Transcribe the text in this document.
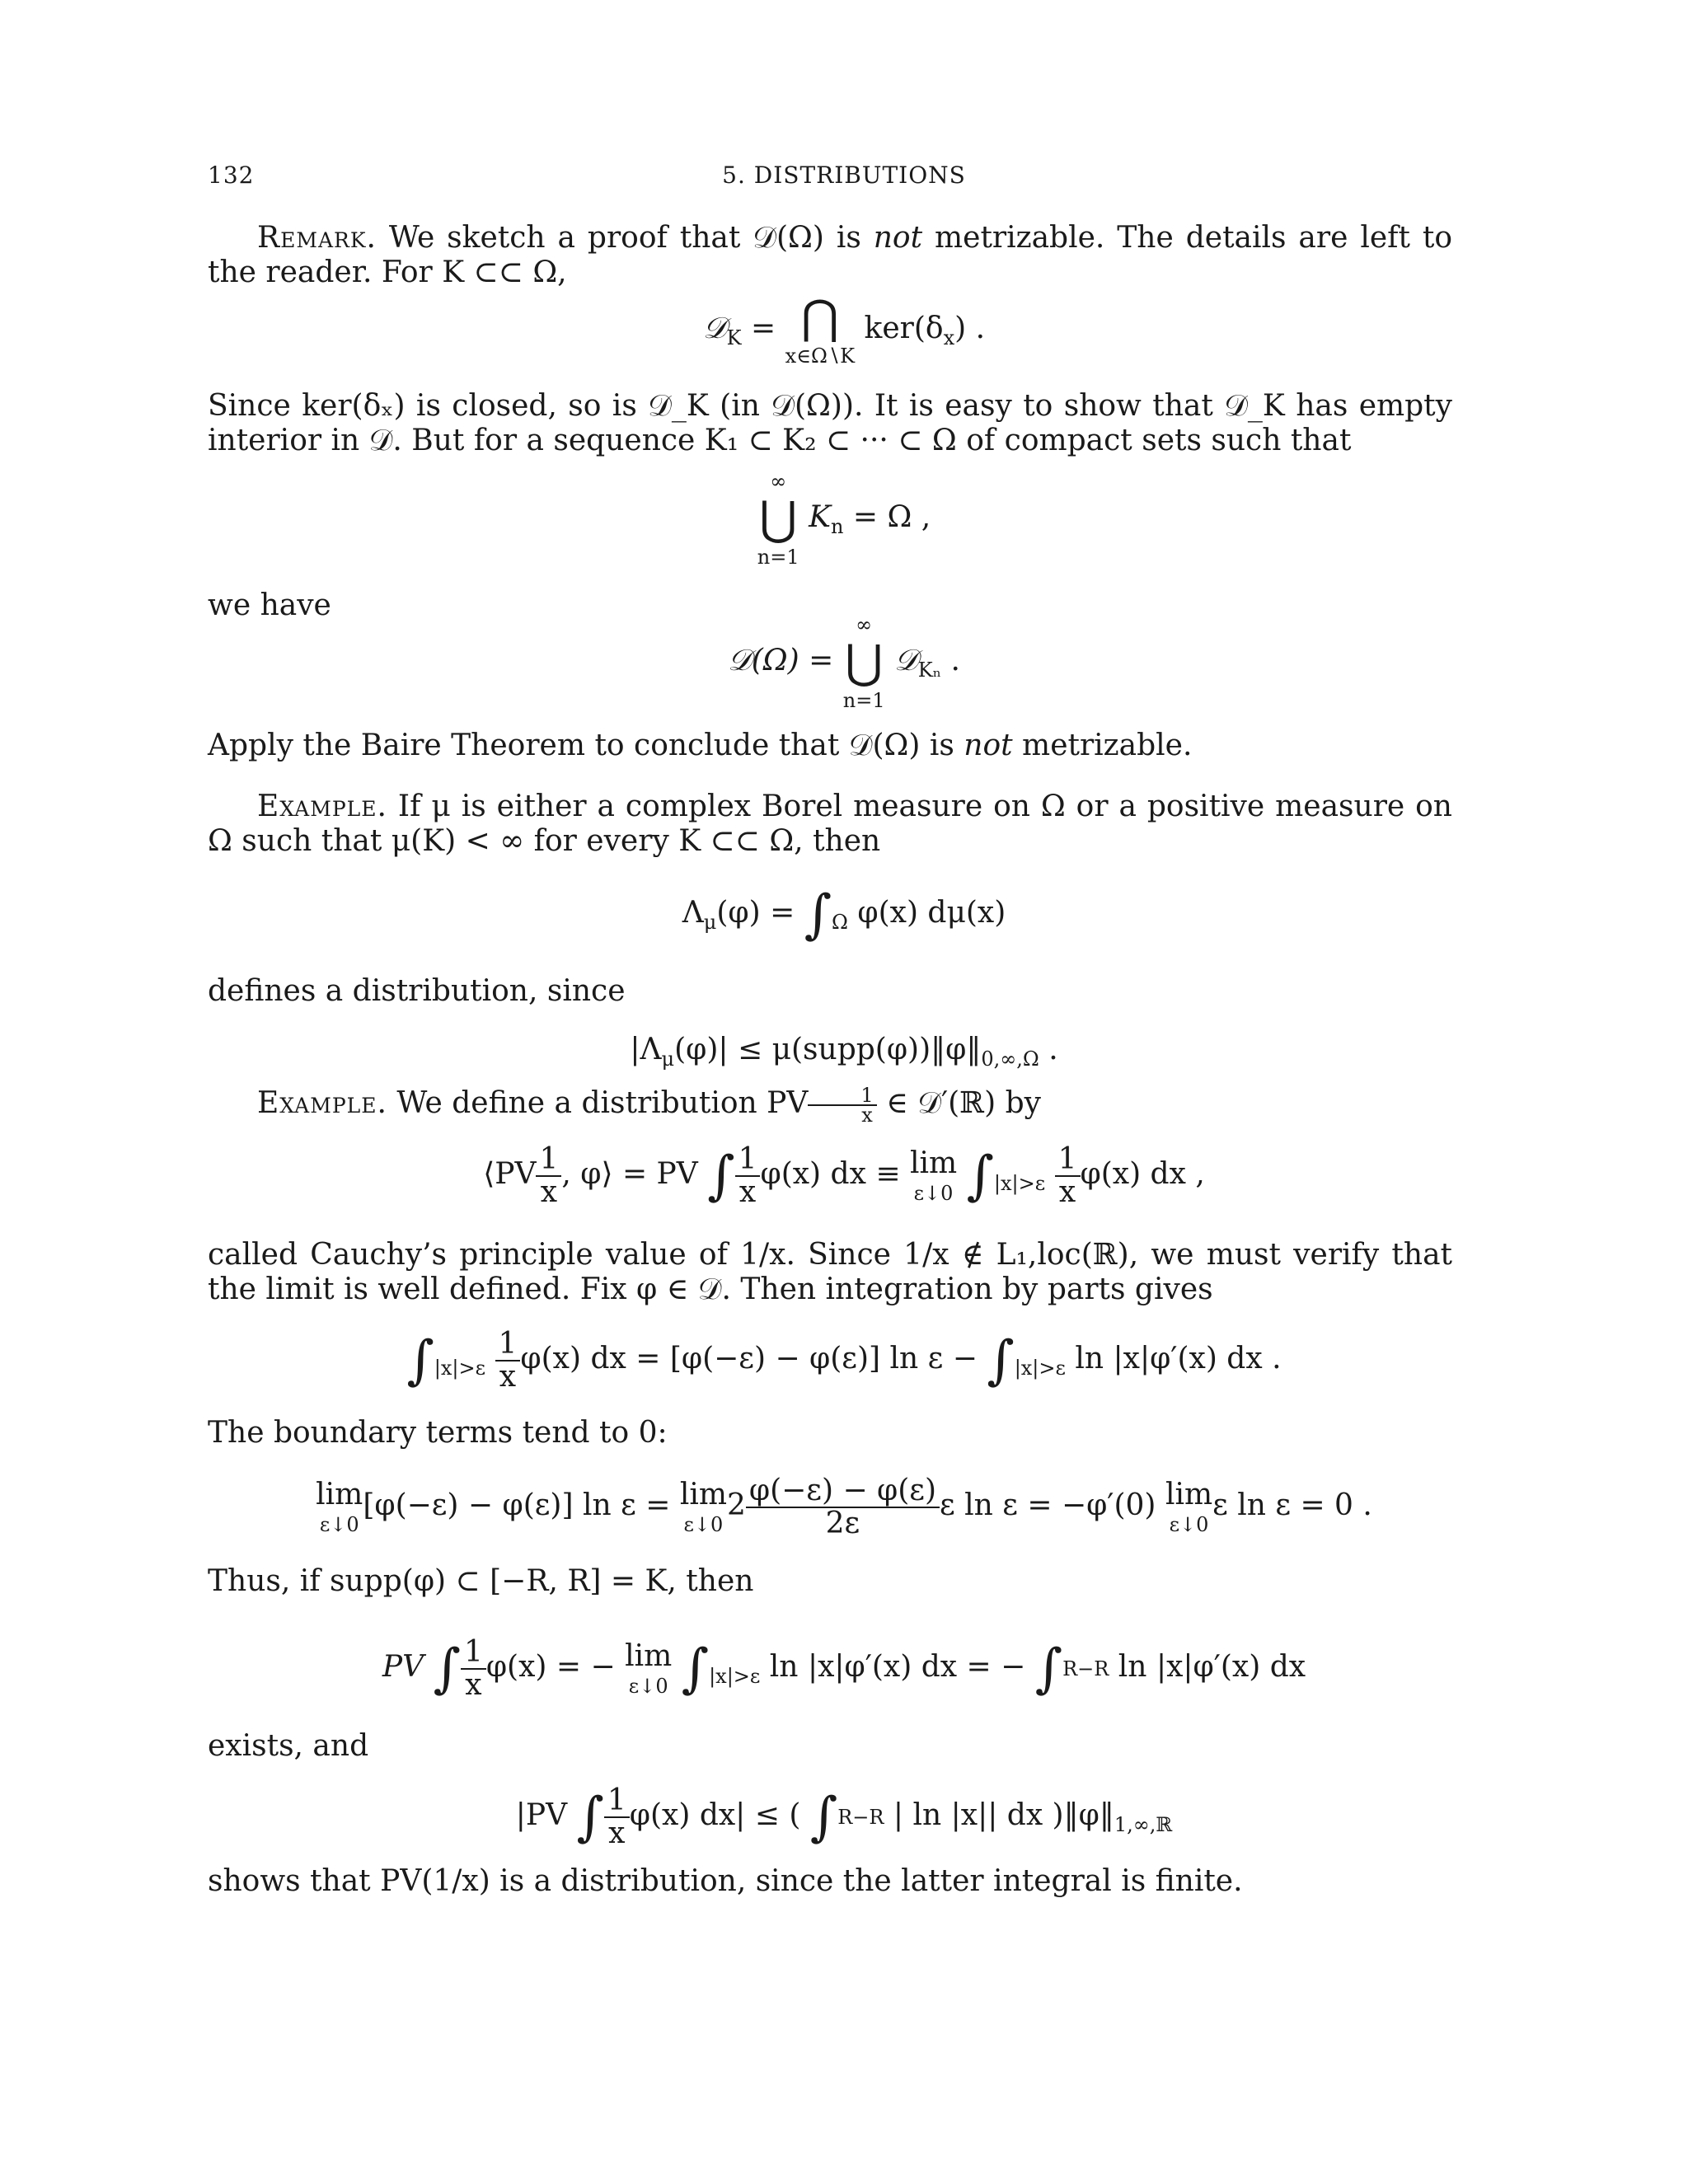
132	5. DISTRIBUTIONS
Remark. We sketch a proof that 𝒟(Ω) is not metrizable. The details are left to the reader. For K ⊂⊂ Ω,
𝒟$_K$ = ⋂
x∈Ω∖K
$ker(\delta_x)$ .
Since ker(δₓ) is closed, so is 𝒟_K (in 𝒟(Ω)). It is easy to show that 𝒟_K has empty interior in 𝒟. But for a sequence K₁ ⊂ K₂ ⊂ ··· ⊂ Ω of compact sets such that
∞
⋃
n=1
$K_n = \Omega$ ,
we have
𝒟(Ω) =
∞
⋃
n=1
𝒟$_{K_n}$ .
Apply the Baire Theorem to conclude that 𝒟(Ω) is not metrizable.
Example. If μ is either a complex Borel measure on Ω or a positive measure on Ω such that μ(K) < ∞ for every K ⊂⊂ Ω, then
$\Lambda_\mu(\varphi) = \int_\Omega$ φ(x) dμ(x)
defines a distribution, since
$|\Lambda_\mu(\varphi)|$ ≤ $\mu(supp(\varphi))‖\varphi‖_{0,\infty,\Omega}$ .
Example. We define a distribution PV $\frac{1}{x}$ ∈ 𝒟′(ℝ) by
⟨PV $\frac{1}{x}$ , φ⟩ = PV ∫ $\frac{1}{x} \varphi(x)$ dx ≡ lim
ε↓0 $\int_{|x|>\varepsilon} \frac{1}{x} \varphi(x)$ dx ,
called Cauchy’s principle value of 1/x. Since 1/x ∉ L₁,loc(ℝ), we must verify that the limit is well defined. Fix φ ∈ 𝒟. Then integration by parts gives
$\int_{|x|>\varepsilon} \frac{1}{x} \varphi(x)$ dx = [φ(−ε) − φ(ε)] $\ln \varepsilon - \int_{|x|>\varepsilon}$ ln |x|φ′(x) dx .
The boundary terms tend to 0:
lim
ε↓0
[φ(−ε) − φ(ε)] ln ε = lim
ε↓0
$2 \frac{\varphi(-\varepsilon) - \varphi(\varepsilon)}{2\varepsilon}$ ε ln ε = −φ′(0) lim
ε↓0
ε ln ε = 0 .
Thus, if supp(φ) ⊂ [−R, R] = K, then
PV ∫ $\frac{1}{x} \varphi(x)$ = − lim
ε↓0 $\int_{|x|>\varepsilon}$ ln |x|φ′(x) dx = − ∫R−R ln |x|φ′(x) dx
exists, and
|PV ∫ $\frac{1}{x} \varphi(x) dx|$ ≤ ( ∫R−R | ln |x|| dx )$‖\varphi‖_{1,\infty,ℝ}$
shows that PV(1/x) is a distribution, since the latter integral is finite.
